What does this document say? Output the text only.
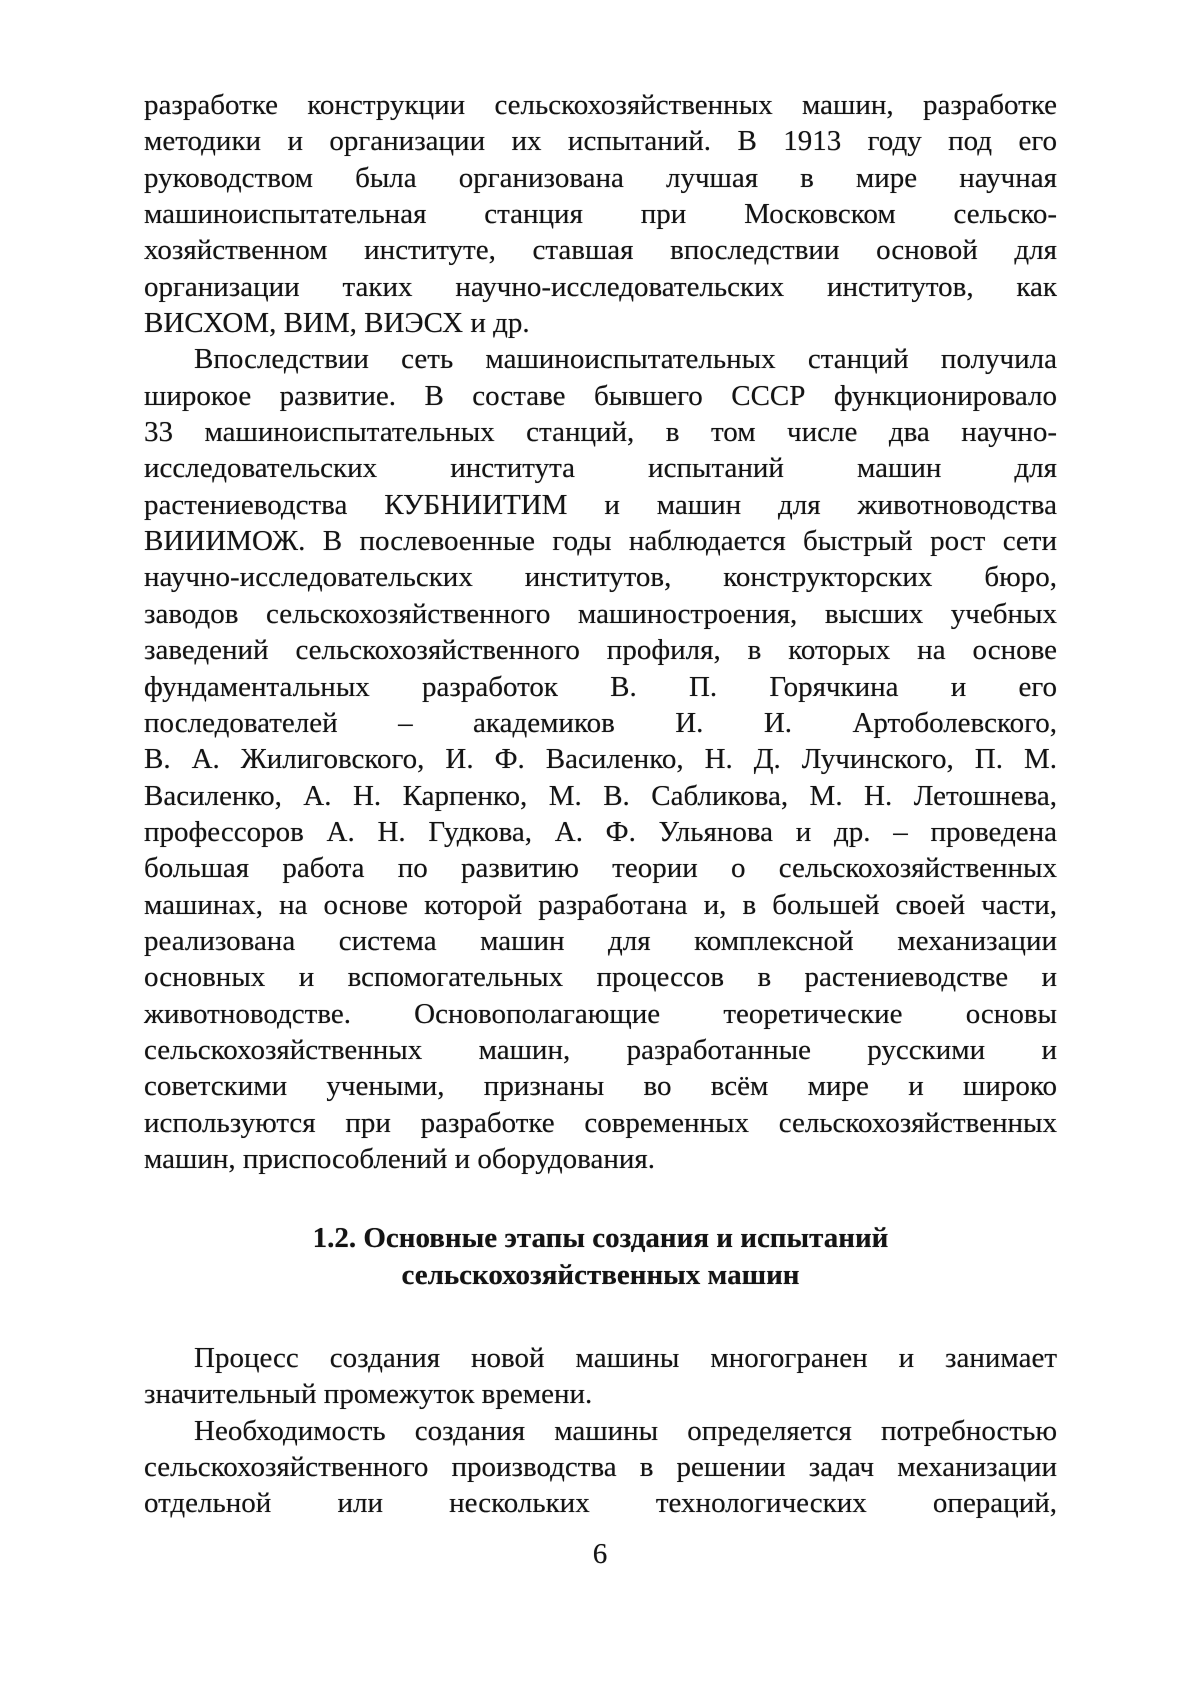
разработке конструкции сельскохозяйственных машин, разработке
методики и организации их испытаний. В 1913 году под его
руководством была организована лучшая в мире научная
машиноиспытательная станция при Московском сельско-
хозяйственном институте, ставшая впоследствии основой для
организации таких научно-исследовательских институтов, как
ВИСХОМ, ВИМ, ВИЭСХ и др.
Впоследствии сеть машиноиспытательных станций получила
широкое развитие. В составе бывшего СССР функционировало
33 машиноиспытательных станций, в том числе два научно-
исследовательских института испытаний машин для
растениеводства КУБНИИТИМ и машин для животноводства
ВИИИМОЖ. В послевоенные годы наблюдается быстрый рост сети
научно-исследовательских институтов, конструкторских бюро,
заводов сельскохозяйственного машиностроения, высших учебных
заведений сельскохозяйственного профиля, в которых на основе
фундаментальных разработок В. П. Горячкина и его
последователей – академиков И. И. Артоболевского,
В. А. Жилиговского, И. Ф. Василенко, Н. Д. Лучинского, П. М.
Василенко, А. Н. Карпенко, М. В. Сабликова, М. Н. Летошнева,
профессоров А. Н. Гудкова, А. Ф. Ульянова и др. – проведена
большая работа по развитию теории о сельскохозяйственных
машинах, на основе которой разработана и, в большей своей части,
реализована система машин для комплексной механизации
основных и вспомогательных процессов в растениеводстве и
животноводстве. Основополагающие теоретические основы
сельскохозяйственных машин, разработанные русскими и
советскими учеными, признаны во всём мире и широко
используются при разработке современных сельскохозяйственных
машин, приспособлений и оборудования.
1.2. Основные этапы создания и испытаний
сельскохозяйственных машин
Процесс создания новой машины многогранен и занимает
значительный промежуток времени.
Необходимость создания машины определяется потребностью
сельскохозяйственного производства в решении задач механизации
отдельной или нескольких технологических операций,
6
